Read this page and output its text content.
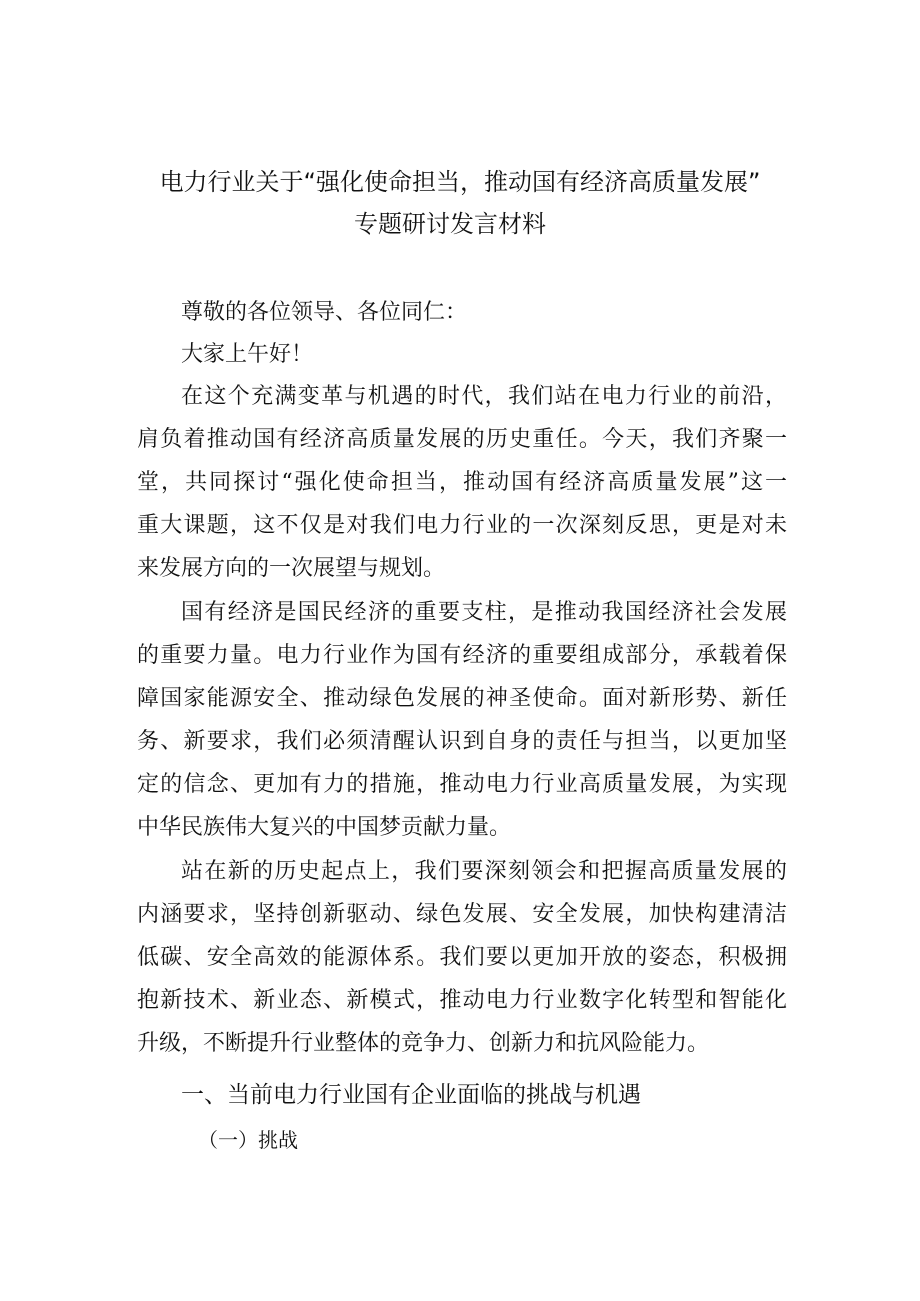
电力行业关于“强化使命担当，推动国有经济高质量发展”
专题研讨发言材料
尊敬的各位领导、各位同仁：
大家上午好！
在这个充满变革与机遇的时代，我们站在电力行业的前沿，
肩负着推动国有经济高质量发展的历史重任。今天，我们齐聚一
堂，共同探讨“强化使命担当，推动国有经济高质量发展”这一
重大课题，这不仅是对我们电力行业的一次深刻反思，更是对未
来发展方向的一次展望与规划。
国有经济是国民经济的重要支柱，是推动我国经济社会发展
的重要力量。电力行业作为国有经济的重要组成部分，承载着保
障国家能源安全、推动绿色发展的神圣使命。面对新形势、新任
务、新要求，我们必须清醒认识到自身的责任与担当，以更加坚
定的信念、更加有力的措施，推动电力行业高质量发展，为实现
中华民族伟大复兴的中国梦贡献力量。
站在新的历史起点上，我们要深刻领会和把握高质量发展的
内涵要求，坚持创新驱动、绿色发展、安全发展，加快构建清洁
低碳、安全高效的能源体系。我们要以更加开放的姿态，积极拥
抱新技术、新业态、新模式，推动电力行业数字化转型和智能化
升级，不断提升行业整体的竞争力、创新力和抗风险能力。
一、当前电力行业国有企业面临的挑战与机遇
（一）挑战
